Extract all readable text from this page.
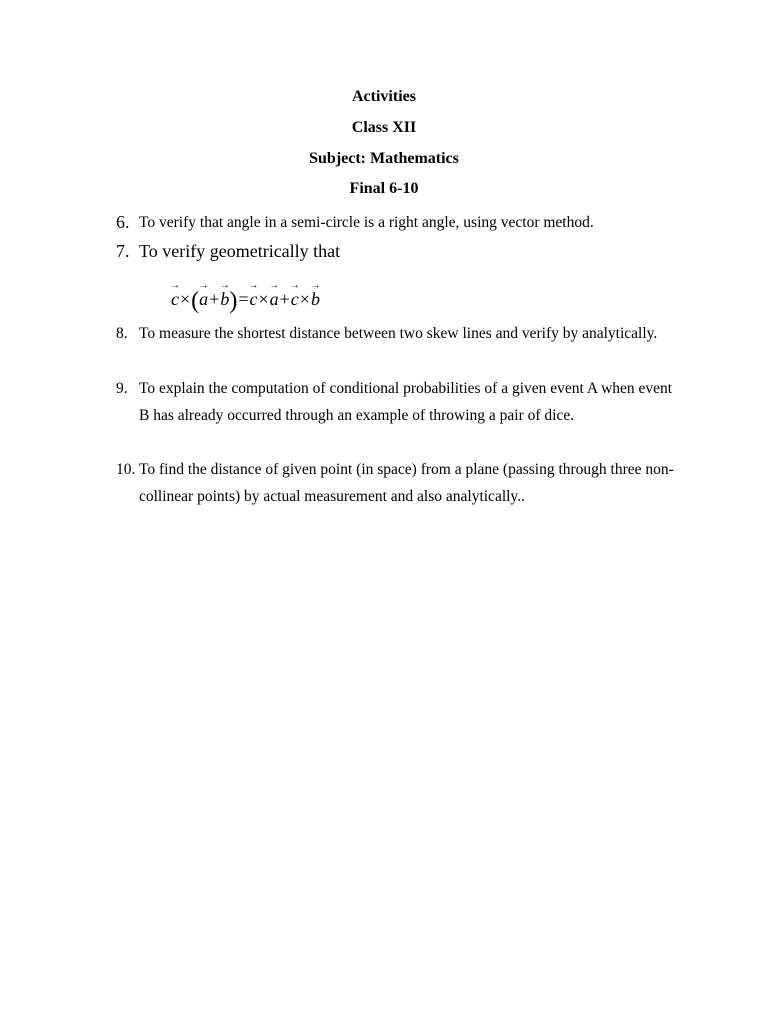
Activities
Class XII
Subject: Mathematics
Final 6-10
6. To verify that angle in a semi-circle is a right angle, using vector method.
7. To verify geometrically that
→ c×(→ a+→ b)=→ c×→ a+→ c×→ b
8. To measure the shortest distance between two skew lines and verify by analytically.
9. To explain the computation of conditional probabilities of a given event A when event B has already occurred through an example of throwing a pair of dice.
10. To find the distance of given point (in space) from a plane (passing through three non-collinear points) by actual measurement and also analytically..
